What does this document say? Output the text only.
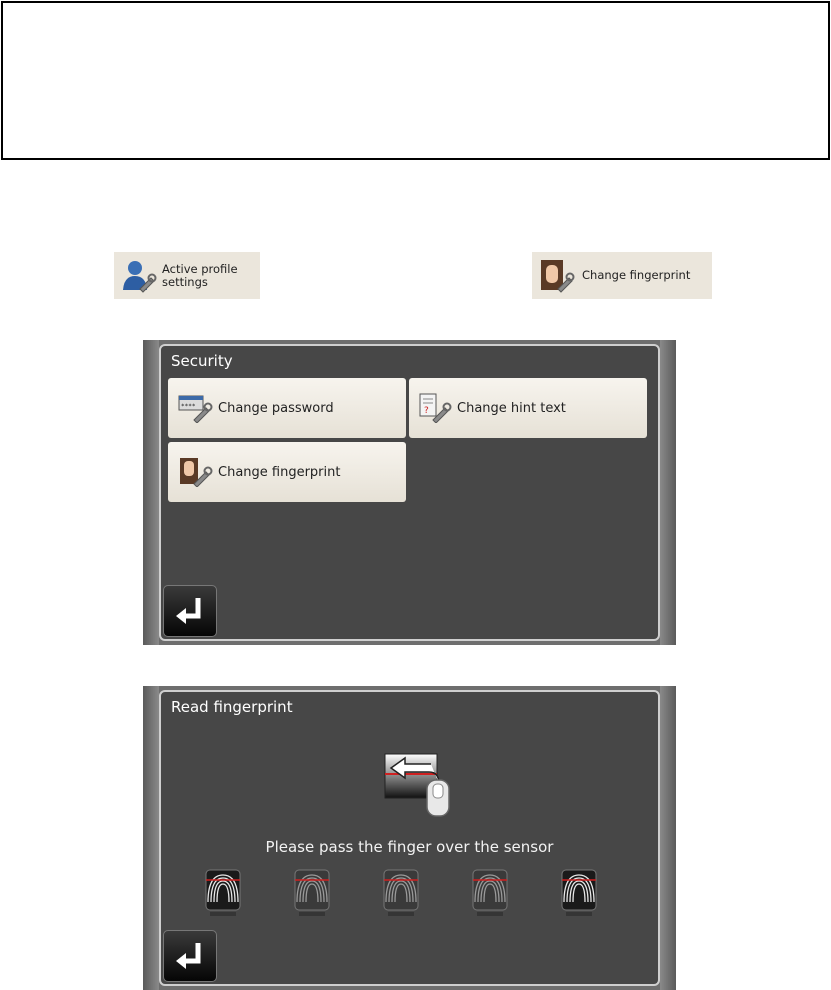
Active profile
settings	Change fingerprint
Security
**** Change password	? Change hint text
Change fingerprint
Read fingerprint
Please pass the finger over the sensor
